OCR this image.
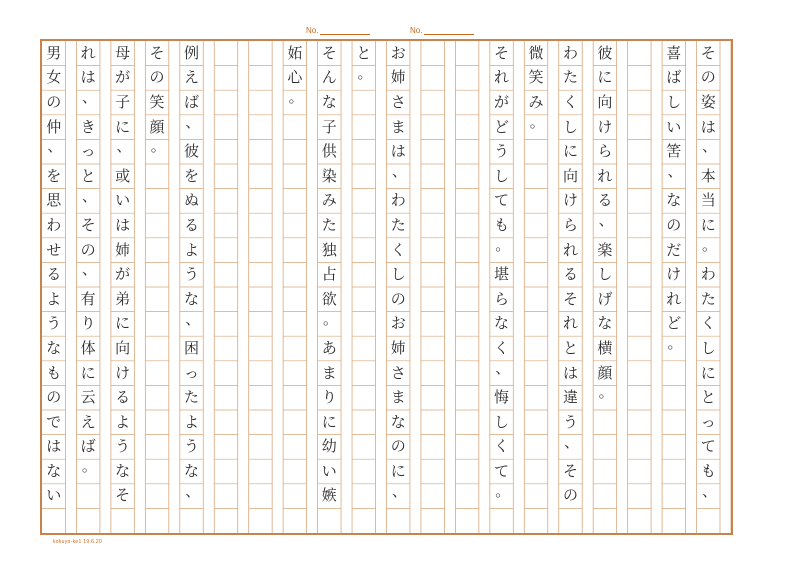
No.	No.
そ
の
姿
は
、
本
当
に
。
わ
た
く
し
に
と
っ
て
も
、
喜
ば
し
い
筈
、
な
の
だ
け
れ
ど
。
彼
に
向
け
ら
れ
る
、
楽
し
げ
な
横
顔
。
わ
た
く
し
に
向
け
ら
れ
る
そ
れ
と
は
違
う
、
そ
の
微
笑
み
。
そ
れ
が
ど
う
し
て
も
。
堪
ら
な
く
、
悔
し
く
て
。
お
姉
さ
ま
は
、
わ
た
く
し
の
お
姉
さ
ま
な
の
に
、
と
。
そ
ん
な
子
供
染
み
た
独
占
欲
。
あ
ま
り
に
幼
い
嫉
妬
心
。
例
え
ば
、
彼
を
ぬ
る
よ
う
な
、
困
っ
た
よ
う
な
、
そ
の
笑
顔
。
母
が
子
に
、
或
い
は
姉
が
弟
に
向
け
る
よ
う
な
そ
れ
は
、
き
っ
と
、
そ
の
、
有
り
体
に
云
え
ば
。
男
女
の
仲
、
を
思
わ
せ
る
よ
う
な
も
の
で
は
な
い
kokuyo-ke1 19.6.20
